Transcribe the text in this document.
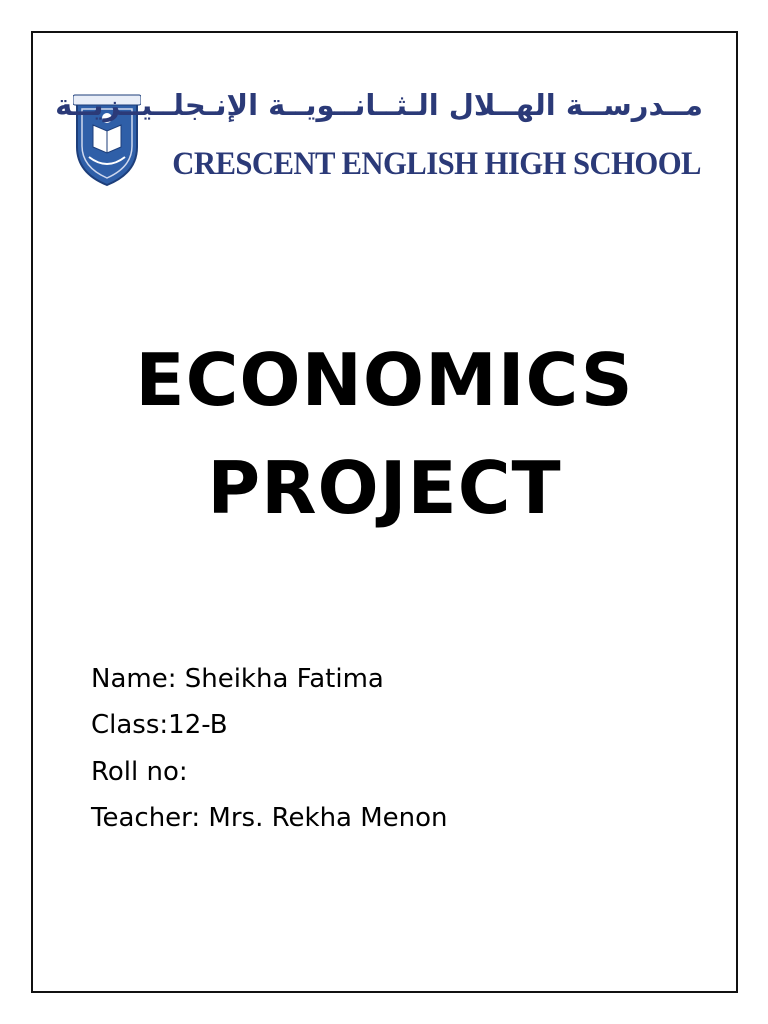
مــدرســة الهــلال الـثــانــويــة الإنـجلــيــزيــة
CRESCENT ENGLISH HIGH SCHOOL
ECONOMICS
PROJECT
Name: Sheikha Fatima
Class:12-B
Roll no:
Teacher: Mrs. Rekha Menon
